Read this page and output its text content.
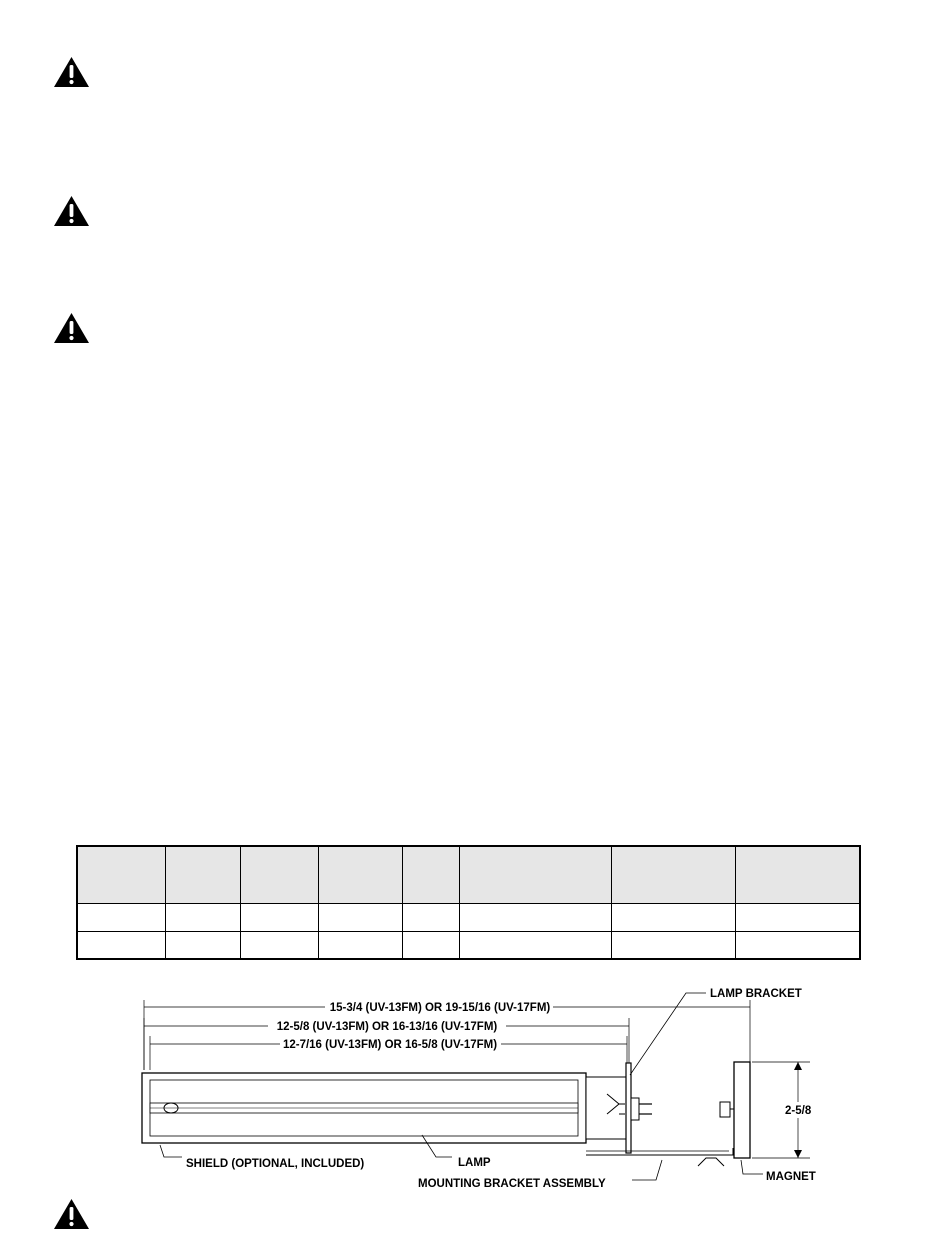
15-3/4 (UV-13FM) OR 19-15/16 (UV-17FM)
12-5/8 (UV-13FM) OR 16-13/16 (UV-17FM)
12-7/16 (UV-13FM) OR 16-5/8 (UV-17FM)
2-5/8
LAMP BRACKET
SHIELD (OPTIONAL, INCLUDED)	LAMP
MOUNTING BRACKET ASSEMBLY
MAGNET
